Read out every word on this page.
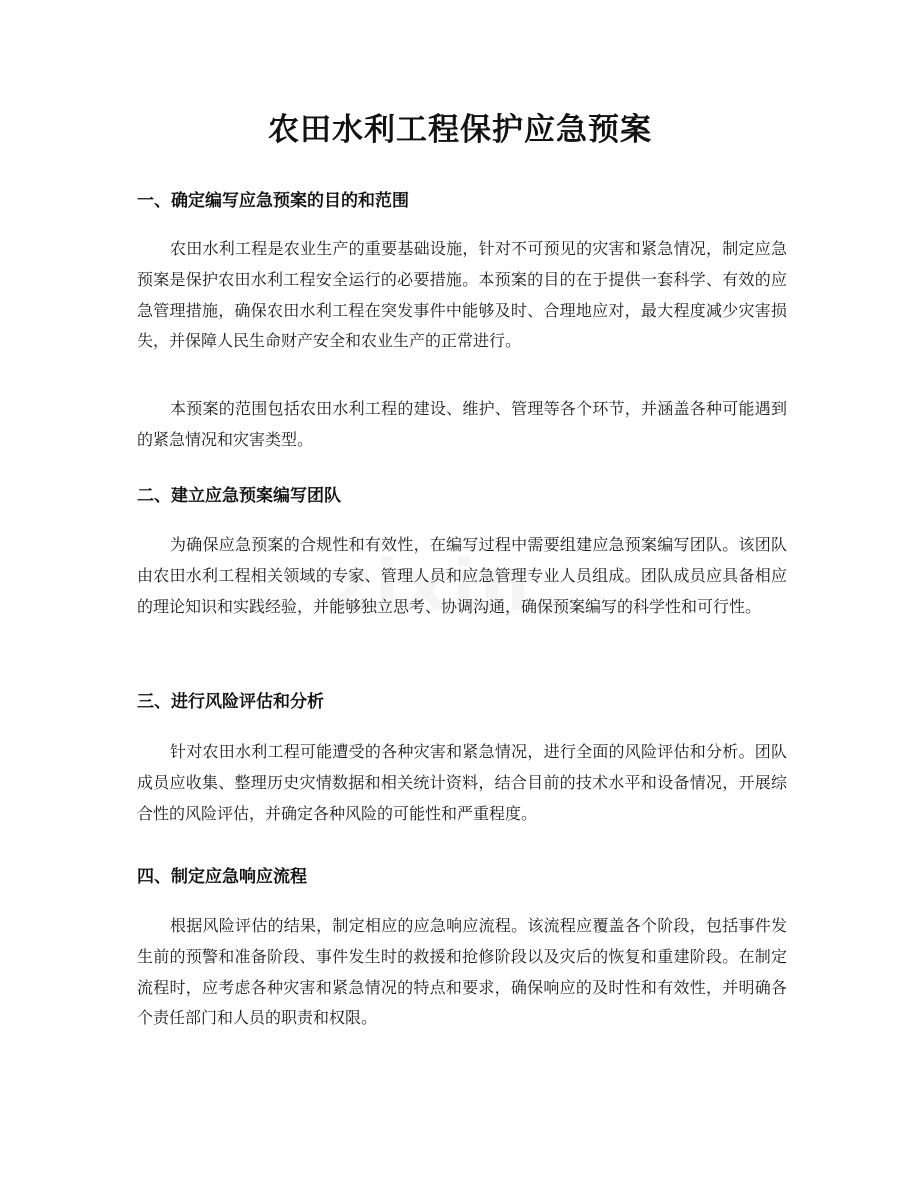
农田水利工程保护应急预案
一、确定编写应急预案的目的和范围

农田水利工程是农业生产的重要基础设施，针对不可预见的灾害和紧急情况，制定应急预案是保护农田水利工程安全运行的必要措施。本预案的目的在于提供一套科学、有效的应急管理措施，确保农田水利工程在突发事件中能够及时、合理地应对，最大程度减少灾害损失，并保障人民生命财产安全和农业生产的正常进行。

本预案的范围包括农田水利工程的建设、维护、管理等各个环节，并涵盖各种可能遇到的紧急情况和灾害类型。

二、建立应急预案编写团队

为确保应急预案的合规性和有效性，在编写过程中需要组建应急预案编写团队。该团队由农田水利工程相关领域的专家、管理人员和应急管理专业人员组成。团队成员应具备相应的理论知识和实践经验，并能够独立思考、协调沟通，确保预案编写的科学性和可行性。

三、进行风险评估和分析

针对农田水利工程可能遭受的各种灾害和紧急情况，进行全面的风险评估和分析。团队成员应收集、整理历史灾情数据和相关统计资料，结合目前的技术水平和设备情况，开展综合性的风险评估，并确定各种风险的可能性和严重程度。

四、制定应急响应流程

根据风险评估的结果，制定相应的应急响应流程。该流程应覆盖各个阶段，包括事件发生前的预警和准备阶段、事件发生时的救援和抢修阶段以及灾后的恢复和重建阶段。在制定流程时，应考虑各种灾害和紧急情况的特点和要求，确保响应的及时性和有效性，并明确各个责任部门和人员的职责和权限。
